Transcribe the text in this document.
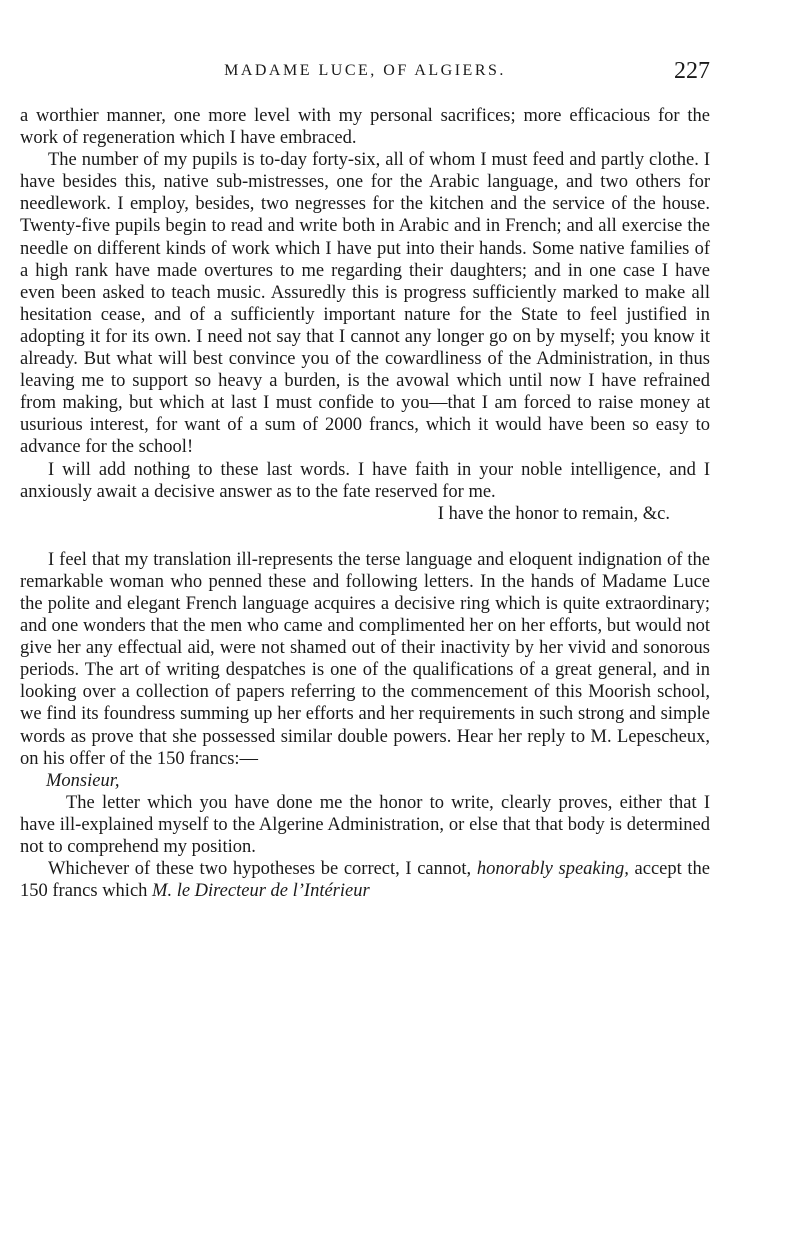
MADAME LUCE, OF ALGIERS.	227

a worthier manner, one more level with my personal sacrifices; more efficacious for the work of regeneration which I have embraced.

The number of my pupils is to-day forty-six, all of whom I must feed and partly clothe. I have besides this, native sub-mistresses, one for the Arabic language, and two others for needlework. I employ, besides, two negresses for the kitchen and the service of the house. Twenty-five pupils begin to read and write both in Arabic and in French; and all exercise the needle on different kinds of work which I have put into their hands. Some native families of a high rank have made overtures to me regarding their daughters; and in one case I have even been asked to teach music. Assuredly this is progress sufficiently marked to make all hesitation cease, and of a sufficiently important nature for the State to feel justified in adopting it for its own. I need not say that I cannot any longer go on by myself; you know it already. But what will best convince you of the cowardliness of the Administration, in thus leaving me to support so heavy a burden, is the avowal which until now I have refrained from making, but which at last I must confide to you—that I am forced to raise money at usurious interest, for want of a sum of 2000 francs, which it would have been so easy to advance for the school!

I will add nothing to these last words. I have faith in your noble intelligence, and I anxiously await a decisive answer as to the fate reserved for me.

I have the honor to remain, &c.

I feel that my translation ill-represents the terse language and eloquent indignation of the remarkable woman who penned these and following letters. In the hands of Madame Luce the polite and elegant French language acquires a decisive ring which is quite extraordinary; and one wonders that the men who came and complimented her on her efforts, but would not give her any effectual aid, were not shamed out of their inactivity by her vivid and sonorous periods. The art of writing despatches is one of the qualifications of a great general, and in looking over a collection of papers referring to the commencement of this Moorish school, we find its foundress summing up her efforts and her requirements in such strong and simple words as prove that she possessed similar double powers. Hear her reply to M. Lepescheux, on his offer of the 150 francs:—

Monsieur,

The letter which you have done me the honor to write, clearly proves, either that I have ill-explained myself to the Algerine Administration, or else that that body is determined not to comprehend my position.

Whichever of these two hypotheses be correct, I cannot, honorably speaking, accept the 150 francs which M. le Directeur de l’Intérieur
